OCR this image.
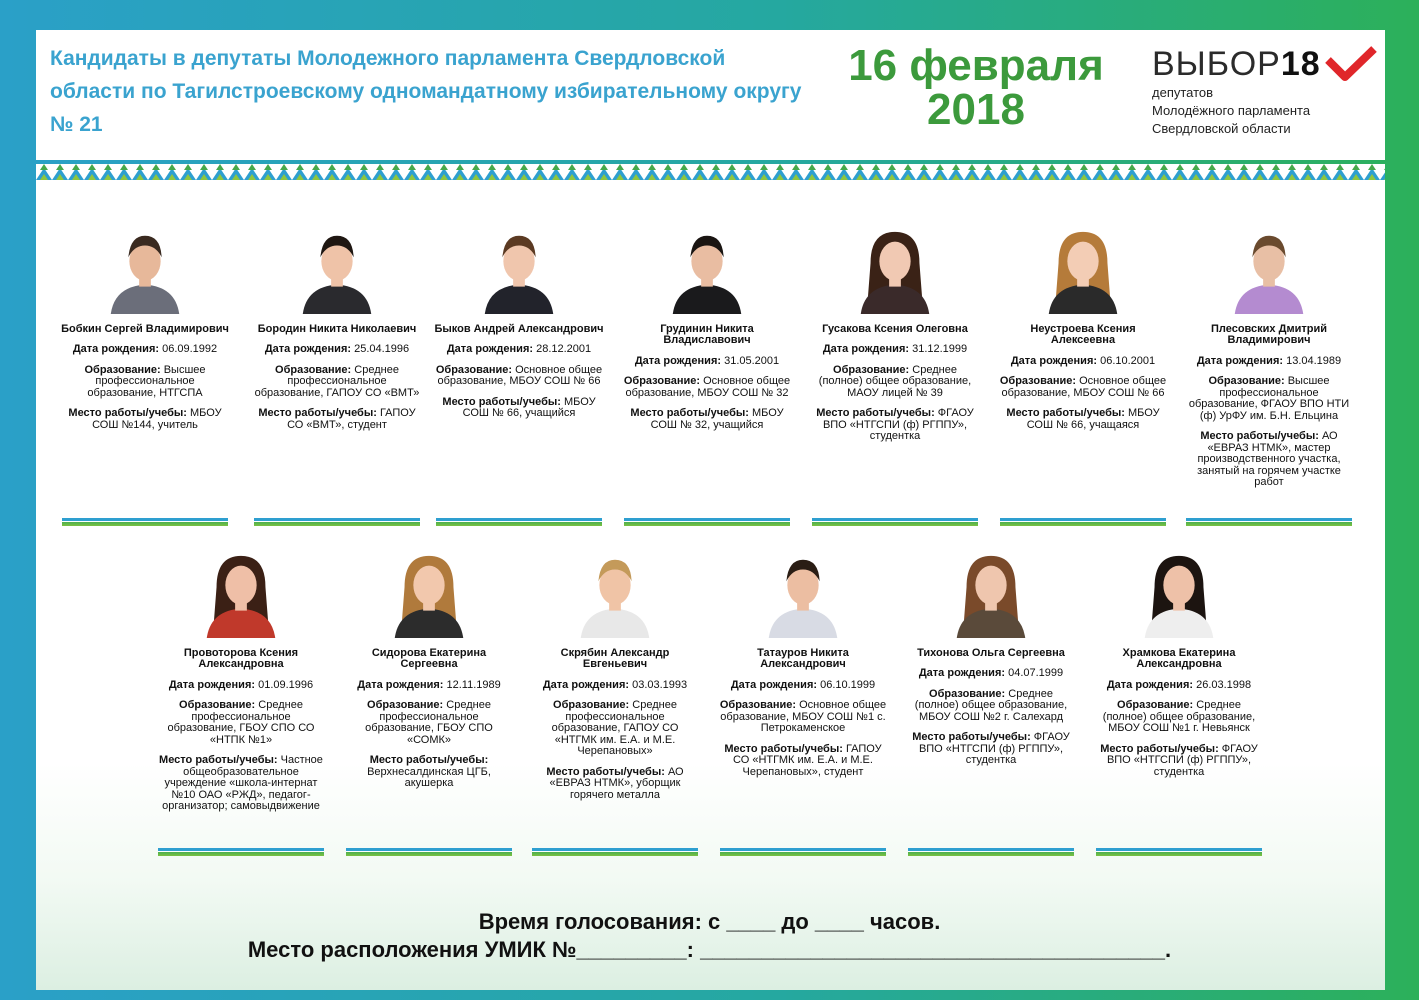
Кандидаты в депутаты Молодежного парламента Свердловской области по Тагилстроевскому одномандатному избирательному округу № 21
16 февраля
2018
ВЫБОР 18
депутатов
Молодёжного парламента
Свердловской области
Бобкин Сергей Владимирович
Дата рождения: 06.09.1992
Образование: Высшее профессиональное образование, НТГСПА
Место работы/учебы: МБОУ СОШ №144, учитель
Бородин Никита Николаевич
Дата рождения: 25.04.1996
Образование: Среднее профессиональное образование, ГАПОУ СО «ВМТ»
Место работы/учебы: ГАПОУ СО «ВМТ», студент
Быков Андрей Александрович
Дата рождения: 28.12.2001
Образование: Основное общее образование, МБОУ СОШ № 66
Место работы/учебы: МБОУ СОШ № 66, учащийся
Грудинин Никита Владиславович
Дата рождения: 31.05.2001
Образование: Основное общее образование, МБОУ СОШ № 32
Место работы/учебы: МБОУ СОШ № 32, учащийся
Гусакова Ксения Олеговна
Дата рождения: 31.12.1999
Образование: Среднее (полное) общее образование, МАОУ лицей № 39
Место работы/учебы: ФГАОУ ВПО «НТГСПИ (ф) РГППУ», студентка
Неустроева Ксения Алексеевна
Дата рождения: 06.10.2001
Образование: Основное общее образование, МБОУ СОШ № 66
Место работы/учебы: МБОУ СОШ № 66, учащаяся
Плесовских Дмитрий Владимирович
Дата рождения: 13.04.1989
Образование: Высшее профессиональное образование, ФГАОУ ВПО НТИ (ф) УрФУ им. Б.Н. Ельцина
Место работы/учебы: АО «ЕВРАЗ НТМК», мастер производственного участка, занятый на горячем участке работ
Провоторова Ксения Александровна
Дата рождения: 01.09.1996
Образование: Среднее профессиональное образование, ГБОУ СПО СО «НТПК №1»
Место работы/учебы: Частное общеобразовательное учреждение «школа-интернат №10 ОАО «РЖД», педагог-организатор; самовыдвижение
Сидорова Екатерина Сергеевна
Дата рождения: 12.11.1989
Образование: Среднее профессиональное образование, ГБОУ СПО «СОМК»
Место работы/учебы: Верхнесалдинская ЦГБ, акушерка
Скрябин Александр Евгеньевич
Дата рождения: 03.03.1993
Образование: Среднее профессиональное образование, ГАПОУ СО «НТГМК им. Е.А. и М.Е. Черепановых»
Место работы/учебы: АО «ЕВРАЗ НТМК», уборщик горячего металла
Татауров Никита Александрович
Дата рождения: 06.10.1999
Образование: Основное общее образование, МБОУ СОШ №1 с. Петрокаменское
Место работы/учебы: ГАПОУ СО «НТГМК им. Е.А. и М.Е. Черепановых», студент
Тихонова Ольга Сергеевна
Дата рождения: 04.07.1999
Образование: Среднее (полное) общее образование, МБОУ СОШ №2 г. Салехард
Место работы/учебы: ФГАОУ ВПО «НТГСПИ (ф) РГППУ», студентка
Храмкова Екатерина Александровна
Дата рождения: 26.03.1998
Образование: Среднее (полное) общее образование, МБОУ СОШ №1 г. Невьянск
Место работы/учебы: ФГАОУ ВПО «НТГСПИ (ф) РГППУ», студентка
Время голосования: с ____ до ____ часов.
Место расположения УМИК №_________: ______________________________________.
